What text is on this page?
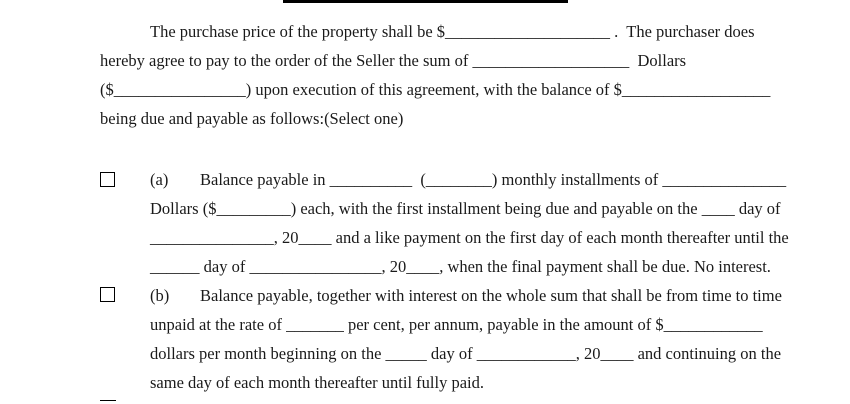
The purchase price of the property shall be $____________________ .  The purchaser does
hereby agree to pay to the order of the Seller the sum of ___________________  Dollars
($________________) upon execution of this agreement, with the balance of $__________________
being due and payable as follows:(Select one)
(a) Balance payable in __________  (________) monthly installments of _______________
Dollars ($_________) each, with the first installment being due and payable on the ____ day of
_______________, 20____ and a like payment on the first day of each month thereafter until the
______ day of ________________, 20____, when the final payment shall be due. No interest.
(b) Balance payable, together with interest on the whole sum that shall be from time to time
unpaid at the rate of _______ per cent, per annum, payable in the amount of $____________
dollars per month beginning on the _____ day of ____________, 20____ and continuing on the
same day of each month thereafter until fully paid.
